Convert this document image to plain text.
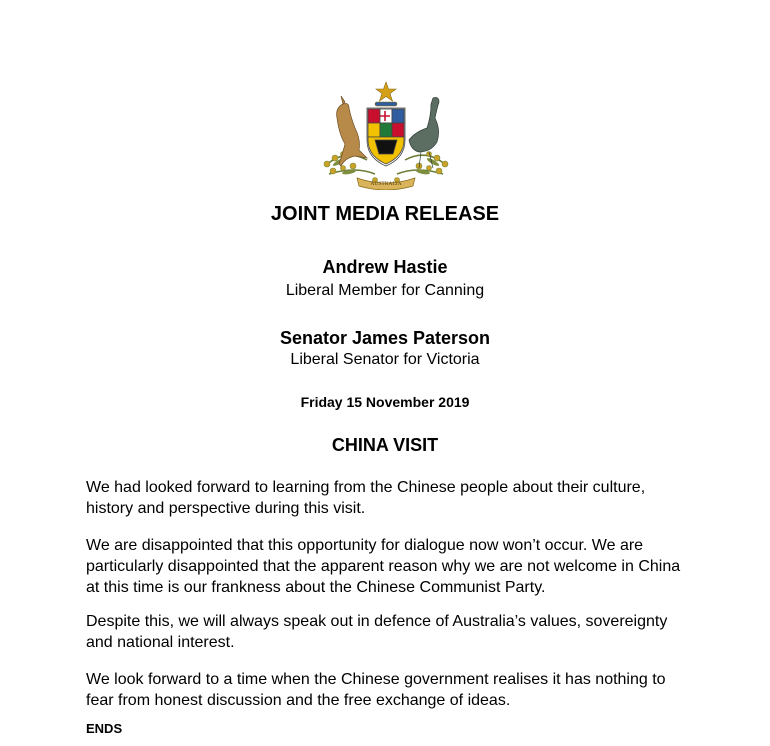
AUSTRALIA
JOINT MEDIA RELEASE
Andrew Hastie
Liberal Member for Canning
Senator James Paterson
Liberal Senator for Victoria
Friday 15 November 2019
CHINA VISIT

We had looked forward to learning from the Chinese people about their culture, history and perspective during this visit.

We are disappointed that this opportunity for dialogue now won’t occur. We are particularly disappointed that the apparent reason why we are not welcome in China at this time is our frankness about the Chinese Communist Party.

Despite this, we will always speak out in defence of Australia’s values, sovereignty and national interest.

We look forward to a time when the Chinese government realises it has nothing to fear from honest discussion and the free exchange of ideas.

ENDS
